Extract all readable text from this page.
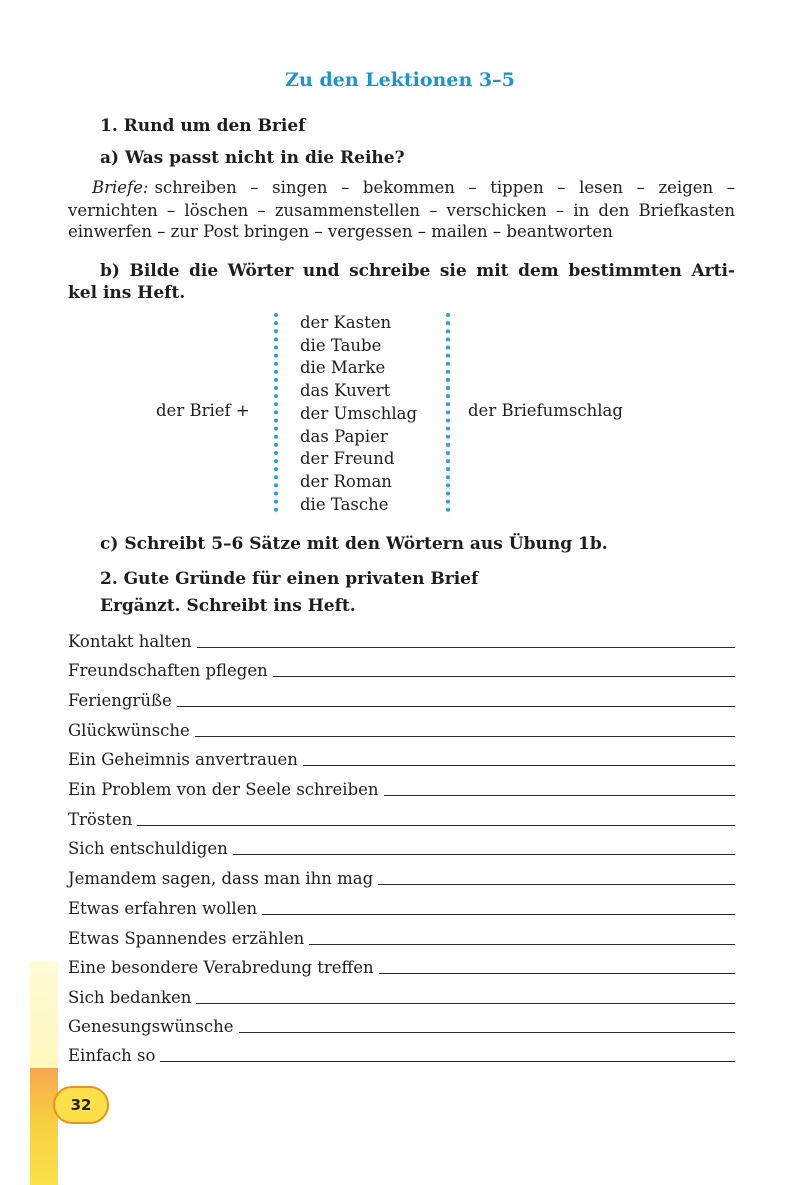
32
Zu den Lektionen 3–5
1. Rund um den Brief
a) Was passt nicht in die Reihe?
Briefe: schreiben – singen – bekommen – tippen – lesen – zeigen –
vernichten – löschen – zusammenstellen – verschicken – in den Briefkasten
einwerfen – zur Post bringen – vergessen – mailen – beantworten
b) Bilde die Wörter und schreibe sie mit dem bestimmten Arti-
kel ins Heft.
der Brief +
der Kasten
die Taube
die Marke
das Kuvert
der Umschlag
das Papier
der Freund
der Roman
die Tasche
der Briefumschlag
c) Schreibt 5–6 Sätze mit den Wörtern aus Übung 1b.
2. Gute Gründe für einen privaten Brief
Ergänzt. Schreibt ins Heft.
Kontakt halten
Freundschaften pflegen
Feriengrüße
Glückwünsche
Ein Geheimnis anvertrauen
Ein Problem von der Seele schreiben
Trösten
Sich entschuldigen
Jemandem sagen, dass man ihn mag
Etwas erfahren wollen
Etwas Spannendes erzählen
Eine besondere Verabredung treffen
Sich bedanken
Genesungswünsche
Einfach so
